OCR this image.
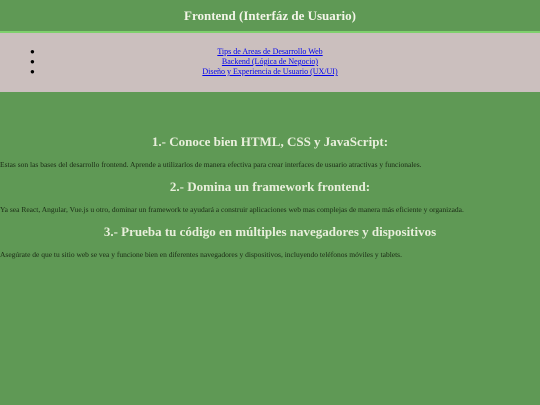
Frontend (Interfáz de Usuario)
●	Tips de Areas de Desarrollo Web
●	Backend (Lógica de Negocio)
●	Diseño y Experiencia de Usuario (UX/UI)
1.- Conoce bien HTML, CSS y JavaScript:

Estas son las bases del desarrollo frontend. Aprende a utilizarlos de manera efectiva para crear interfaces de usuario atractivas y funcionales.

2.- Domina un framework frontend:

Ya sea React, Angular, Vue.js u otro, dominar un framework te ayudará a construir aplicaciones web mas complejas de manera más eficiente y organizada.

3.- Prueba tu código en múltiples navegadores y dispositivos

Asegúrate de que tu sitio web se vea y funcione bien en diferentes navegadores y dispositivos, incluyendo teléfonos móviles y tablets.
